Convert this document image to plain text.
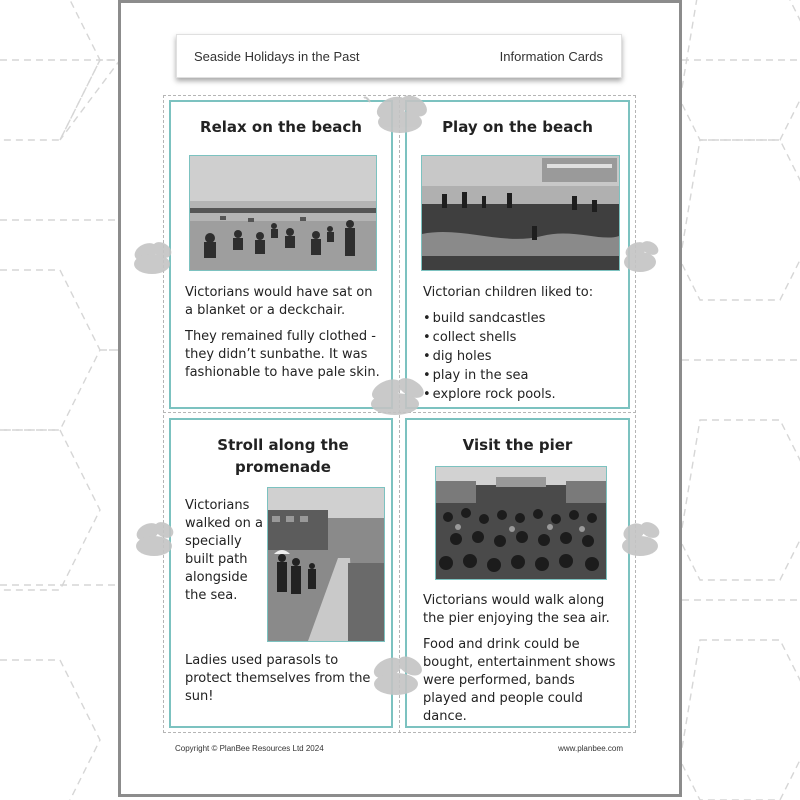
Seaside Holidays in the Past	Information Cards
Relax on the beach

Victorians would have sat on a blanket or a deckchair.

They remained fully clothed - they didn’t sunbathe. It was fashionable to have pale skin.

Play on the beach

Victorian children liked to:

• build sandcastles
• collect shells
• dig holes
• play in the sea
• explore rock pools.
Stroll along the promenade

Victorians walked on a specially built path alongside the sea.

Ladies used parasols to protect themselves from the sun!

Visit the pier

Victorians would walk along the pier enjoying the sea air.

Food and drink could be bought, entertainment shows were performed, bands played and people could dance.

Copyright © PlanBee Resources Ltd 2024	www.planbee.com
